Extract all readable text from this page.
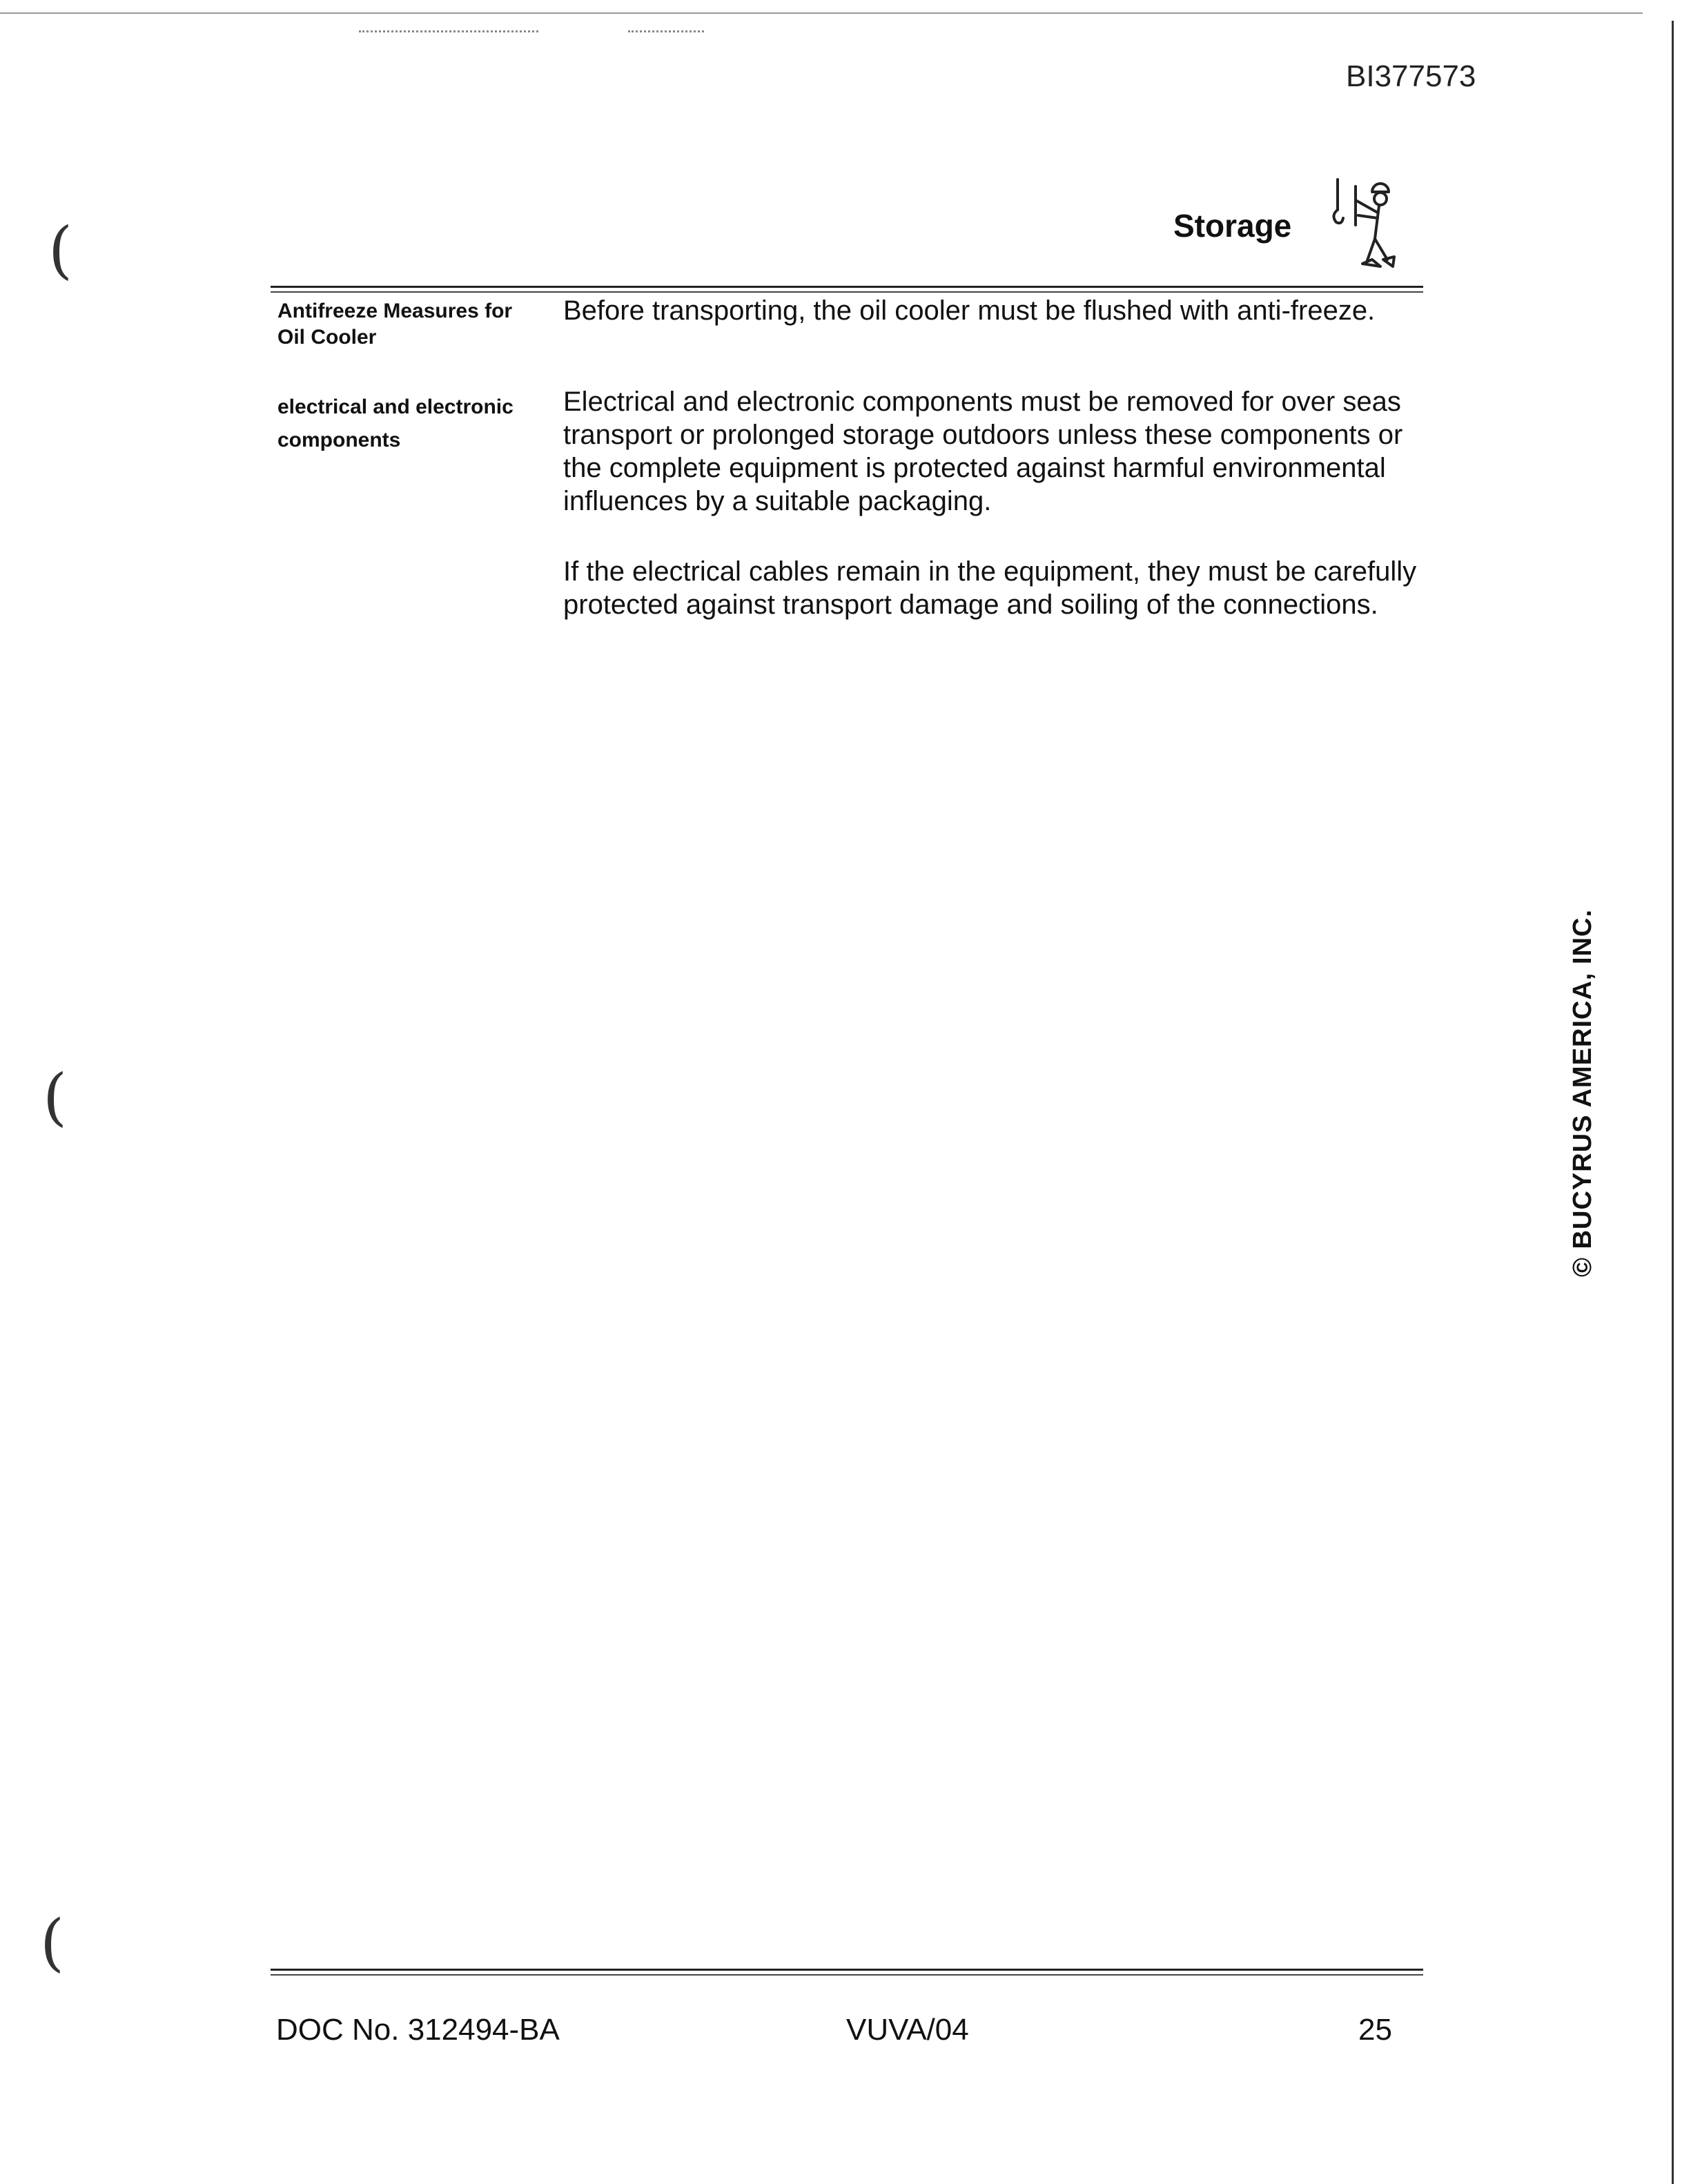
(
(
(
BI377573
Storage
Antifreeze Measures for Oil Cooler

Before transporting, the oil cooler must be flushed with anti-freeze.

electrical and electronic components

Electrical and electronic components must be removed for over seas transport or prolonged storage outdoors unless these components or the complete equipment is protected against harmful environmental influences by a suitable packaging.

If the electrical cables remain in the equipment, they must be carefully protected against transport damage and soiling of the connections.

© BUCYRUS AMERICA, INC.
DOC No. 312494-BA	VUVA/04	25
